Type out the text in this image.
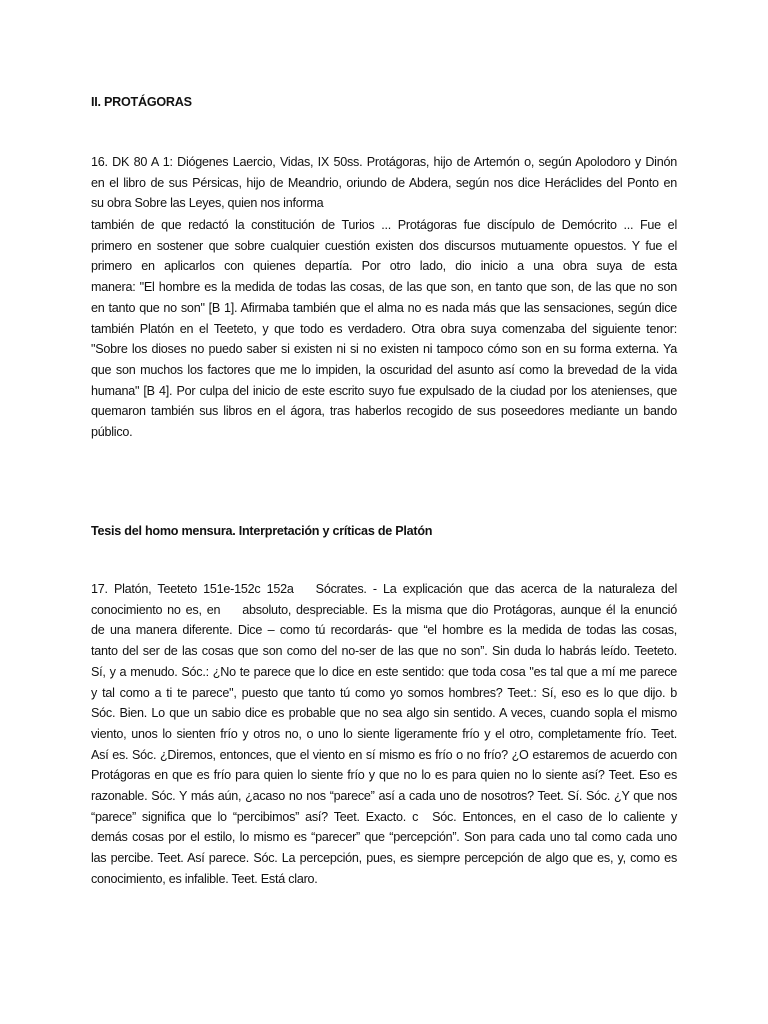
II. PROTÁGORAS
16. DK 80 A 1: Diógenes Laercio, Vidas, IX 50ss. Protágoras, hijo de Artemón o, según Apolodoro y Dinón
en el libro de sus Pérsicas, hijo de Meandrio, oriundo de Abdera, según nos dice Heráclides del Ponto en
su obra Sobre las Leyes, quien nos informa
también de que redactó la constitución de Turios ... Protágoras fue discípulo de Demócrito ... Fue el
primero en sostener que sobre cualquier cuestión existen dos discursos mutuamente opuestos. Y fue el
primero en aplicarlos con quienes departía. Por otro lado, dio inicio a una obra suya de esta
manera: "El hombre es la medida de todas las cosas, de las que son, en tanto que son, de las que no son
en tanto que no son" [B 1]. Afirmaba también que el alma no es nada más que las sensaciones, según dice
también Platón en el Teeteto, y que todo es verdadero. Otra obra suya comenzaba del siguiente tenor:
"Sobre los dioses no puedo saber si existen ni si no existen ni tampoco cómo son en su forma externa. Ya
que son muchos los factores que me lo impiden, la oscuridad del asunto así como la brevedad de la vida
humana" [B 4]. Por culpa del inicio de este escrito suyo fue expulsado de la ciudad por los atenienses, que
quemaron también sus libros en el ágora, tras haberlos recogido de sus poseedores mediante un bando
público.
Tesis del homo mensura. Interpretación y críticas de Platón
17. Platón, Teeteto 151e-152c 152a Sócrates. - La explicación que das acerca de la naturaleza del
conocimiento no es, en absoluto, despreciable. Es la misma que dio Protágoras, aunque él la enunció
de una manera diferente. Dice – como tú recordarás- que “el hombre es la medida de todas las cosas,
tanto del ser de las cosas que son como del no-ser de las que no son”. Sin duda lo habrás leído. Teeteto.
Sí, y a menudo. Sóc.: ¿No te parece que lo dice en este sentido: que toda cosa "es tal que a mí me parece
y tal como a ti te parece", puesto que tanto tú como yo somos hombres? Teet.: Sí, eso es lo que dijo. b
Sóc. Bien. Lo que un sabio dice es probable que no sea algo sin sentido. A veces, cuando sopla el mismo
viento, unos lo sienten frío y otros no, o uno lo siente ligeramente frío y el otro, completamente frío. Teet.
Así es. Sóc. ¿Diremos, entonces, que el viento en sí mismo es frío o no frío? ¿O estaremos de acuerdo con
Protágoras en que es frío para quien lo siente frío y que no lo es para quien no lo siente así? Teet. Eso es
razonable. Sóc. Y más aún, ¿acaso no nos “parece” así a cada uno de nosotros? Teet. Sí. Sóc. ¿Y que nos
“parece” significa que lo “percibimos” así? Teet. Exacto. c Sóc. Entonces, en el caso de lo caliente y
demás cosas por el estilo, lo mismo es “parecer” que “percepción”. Son para cada uno tal como cada uno
las percibe. Teet. Así parece. Sóc. La percepción, pues, es siempre percepción de algo que es, y, como es
conocimiento, es infalible. Teet. Está claro.
